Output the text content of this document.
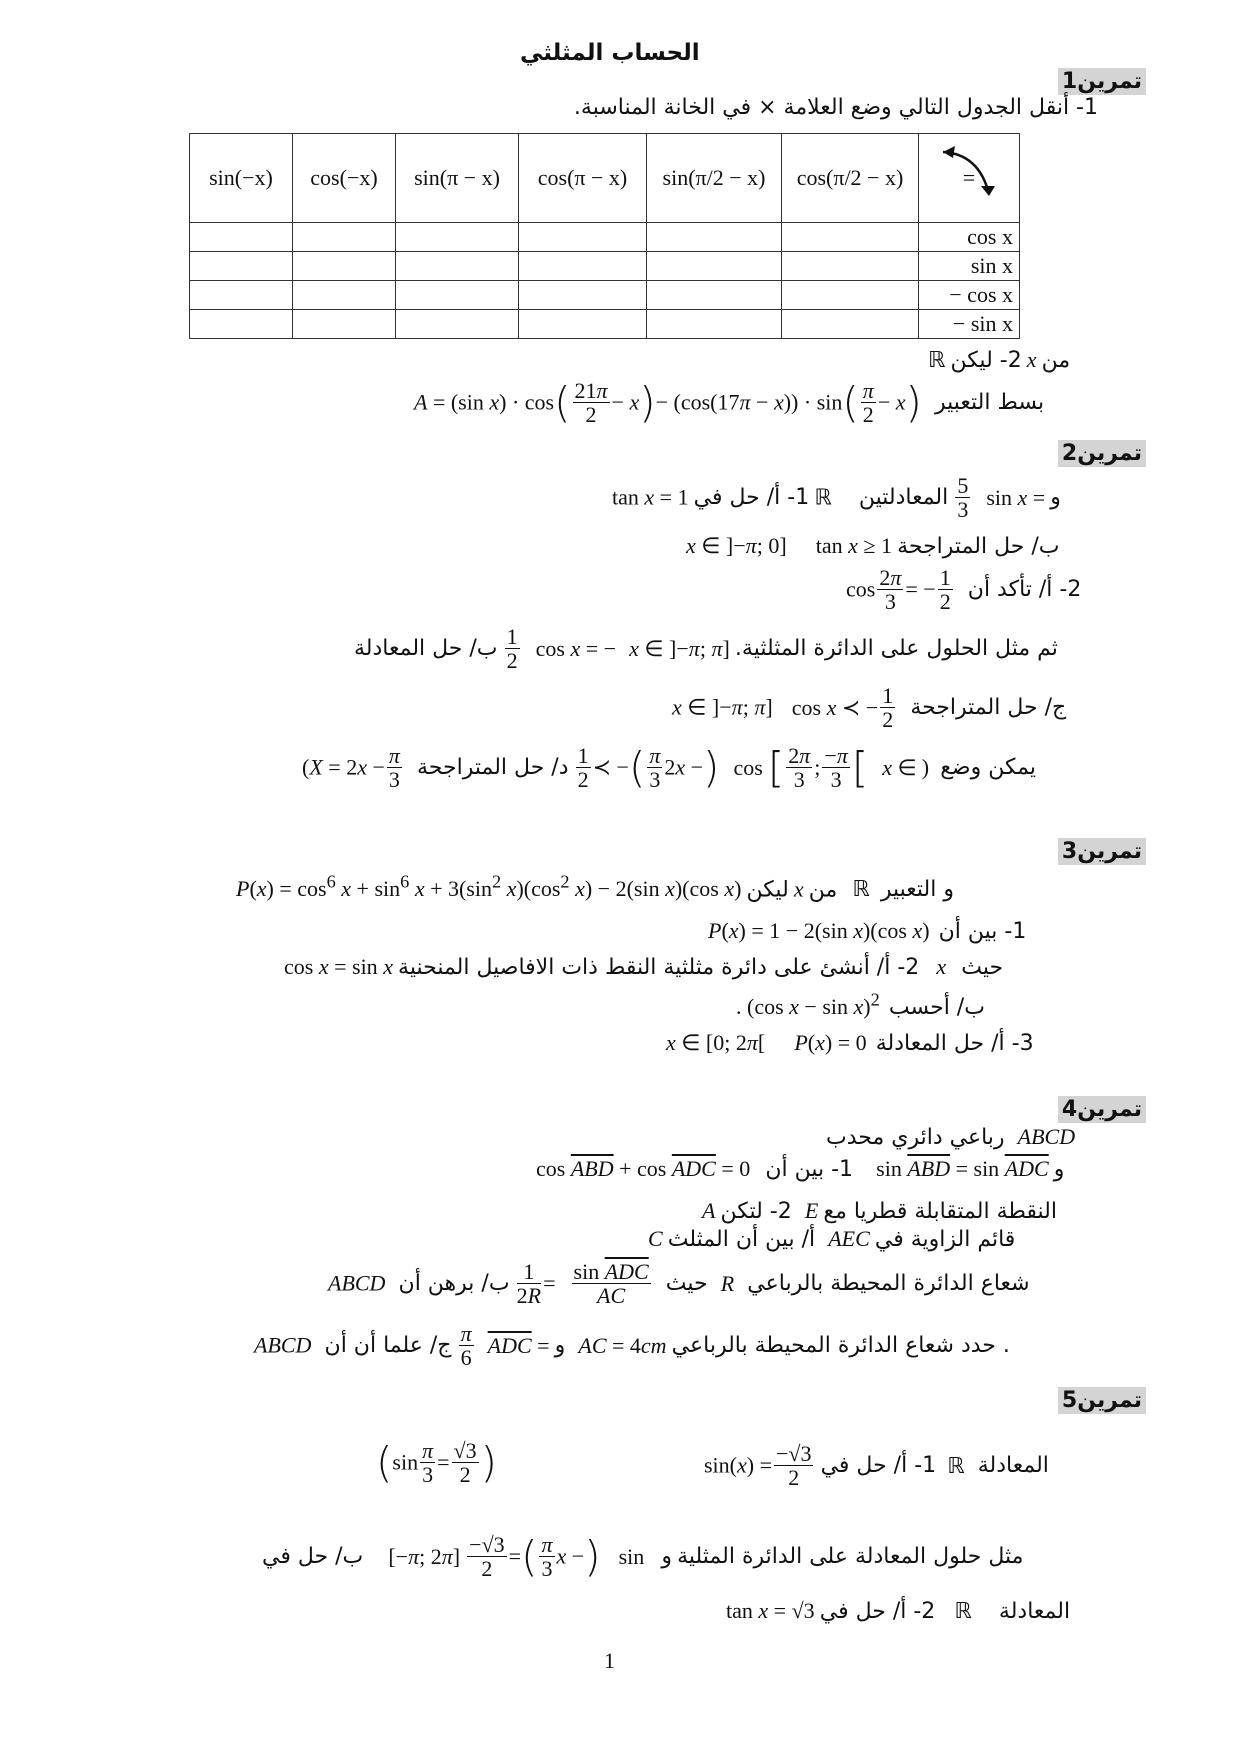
الحساب المثلثي
تمرين1
1- أنقل الجدول التالي وضع العلامة × في الخانة المناسبة.
sin(−x)	cos(−x)	sin(π − x)	cos(π − x)	sin(π/2 − x)	cos(π/2 − x)	=

						cos x
						sin x
						− cos x
						− sin x
ℝ	من x 2- ليكن
A = (sin $x) \cdot \cos( \frac{21\pi}{2} - x)- (\cos(17\pi - x)) \cdot \sin( \frac{\pi}{2} - x)$ بسط التعبير
تمرين2
tan x = 1	و sin x =
$\frac{5}{3}$
المعادلتين ℝ 1- أ/ حل في
x ∈ ]−π; 0] tan x ≥ 1 ب/ حل المتراجحة
$\cos \frac{2\pi}{3}$ = − $\frac{1}{2} 2-$ أ/ تأكد أن
ثم مثل الحلول على الدائرة المثلثية. x ∈ ]−π; π] cos x = −
$\frac{1}{2}$
ب/ حل المعادلة
x ∈ ]−π; π] cos x ≺ − $\frac{1}{2}$ ج/ حل المتراجحة
($X = 2x - \frac{\pi}{3}$	يمكن وضع ) x ∈]
$\frac{-\pi}{3}$
;
$\frac{2\pi}{3}$
] cos(2x −
$\frac{\pi}{3}$
)≺ −
$\frac{1}{2}$
د/ حل المتراجحة
تمرين3
$P(x) = \cos^6 x + \sin^6 x + 3(\sin^2$ $x)(\cos^2$ x) − 2(sin x)(cos x)	و التعبير ℝ من x ليكن
P(x) = 1 − 2(sin x)(cos x) 1- بين أن
cos x = sin x	حيث x 2- أ/ أنشئ على دائرة مثلثية النقط ذات الافاصيل المنحنية
. (cos x − sin x)$^2$ ب/ أحسب
x ∈ [0; 2π[ P(x) = 0 3- أ/ حل المعادلة
تمرين4
رباعي دائري محدب ABCD
$\cos \overline{ABD} + \cos \overline{ADC} = 0$	و $\sin \overline{ABD} = \sin \overline{ADC}$ 1- بين أن
A	النقطة المتقابلة قطريا مع E 2- لتكن
C	قائم الزاوية في AEC أ/ بين أن المثلث
ABCD	شعاع الدائرة المحيطة بالرباعي R حيث
$\frac{\sin \overline{ADC}}{AC}$
=
$\frac{1}{2R}$
ب/ برهن أن
ABCD	. حدد شعاع الدائرة المحيطة بالرباعي AC = 4cm و $\overline{ADC}$ =
$\frac{\pi}{6}$
ج/ علما أن أن
تمرين5
($\sin \frac{\pi}{3} = \frac{√3}{2}$ )	$\sin(x) = \frac{-√3}{2}$	المعادلة ℝ 1- أ/ حل في
مثل حلول المعادلة على الدائرة المثلية و sin(x −
$\frac{\pi}{3}$
)=
$\frac{-√3}{2}$
[−π; 2π] ب/ حل في
tan x = √3	المعادلة ℝ 2- أ/ حل في
1
